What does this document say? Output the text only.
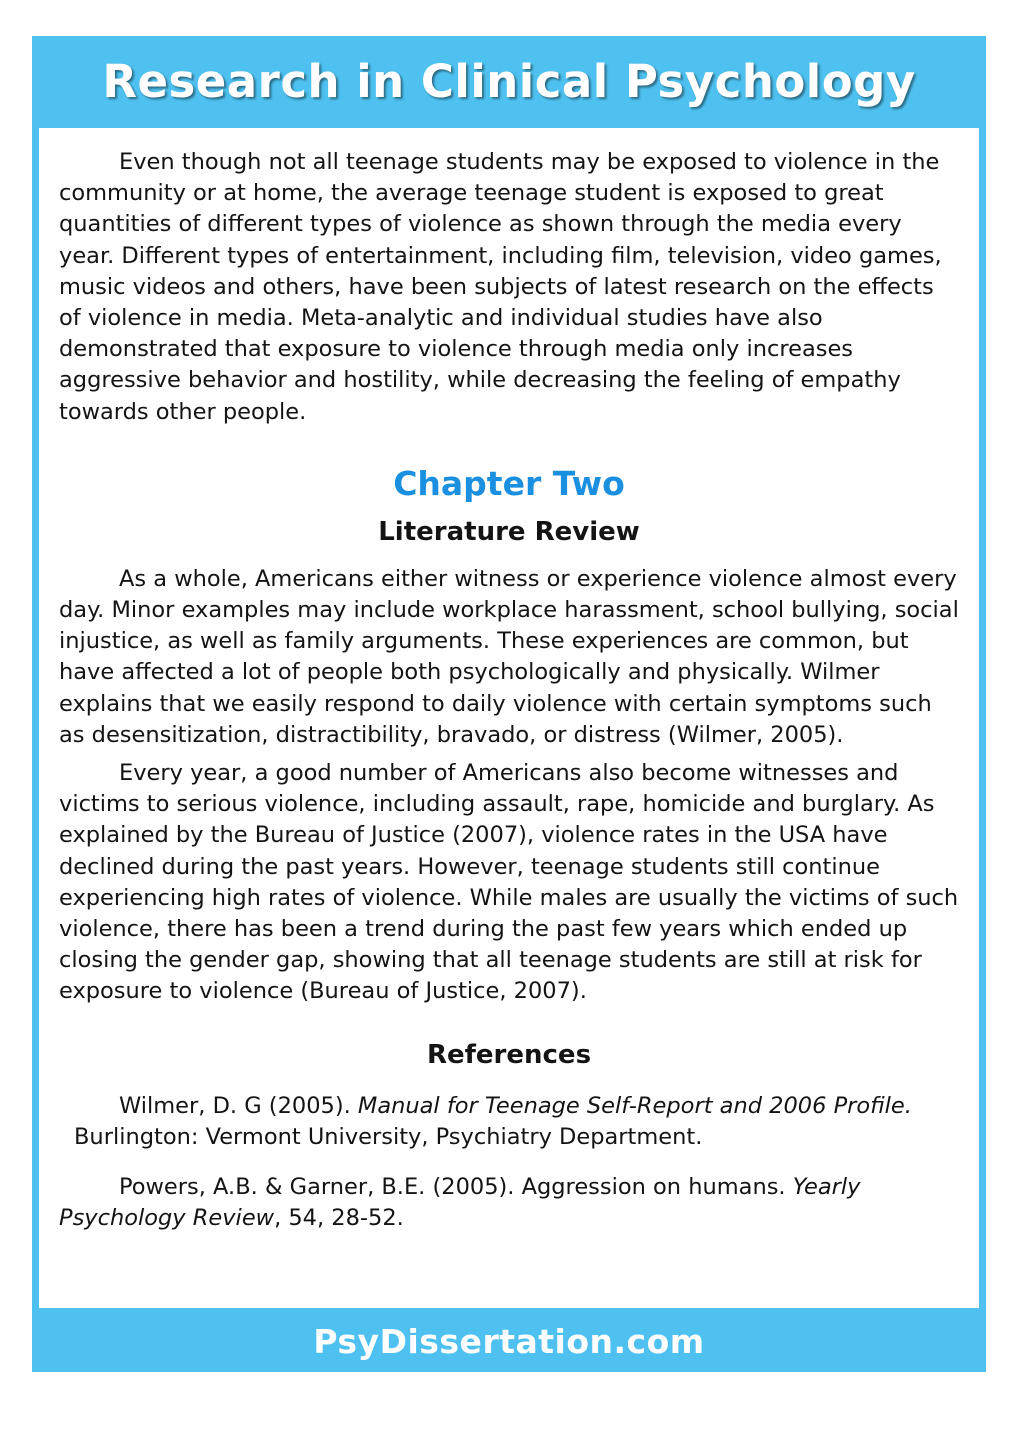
Research in Clinical Psychology

Even though not all teenage students may be exposed to violence in the community or at home, the average teenage student is exposed to great quantities of different types of violence as shown through the media every year. Different types of entertainment, including film, television, video games, music videos and others, have been subjects of latest research on the effects of violence in media. Meta-analytic and individual studies have also demonstrated that exposure to violence through media only increases aggressive behavior and hostility, while decreasing the feeling of empathy towards other people.

Chapter Two
Literature Review

As a whole, Americans either witness or experience violence almost every day. Minor examples may include workplace harassment, school bullying, social injustice, as well as family arguments. These experiences are common, but have affected a lot of people both psychologically and physically. Wilmer explains that we easily respond to daily violence with certain symptoms such as desensitization, distractibility, bravado, or distress (Wilmer, 2005).

Every year, a good number of Americans also become witnesses and victims to serious violence, including assault, rape, homicide and burglary. As explained by the Bureau of Justice (2007), violence rates in the USA have declined during the past years. However, teenage students still continue experiencing high rates of violence. While males are usually the victims of such violence, there has been a trend during the past few years which ended up closing the gender gap, showing that all teenage students are still at risk for exposure to violence (Bureau of Justice, 2007).

References

Wilmer, D. G (2005). Manual for Teenage Self-Report and 2006 Profile.

Burlington: Vermont University, Psychiatry Department.

Powers, A.B. & Garner, B.E. (2005). Aggression on humans. Yearly Psychology Review, 54, 28-52.

PsyDissertation.com
